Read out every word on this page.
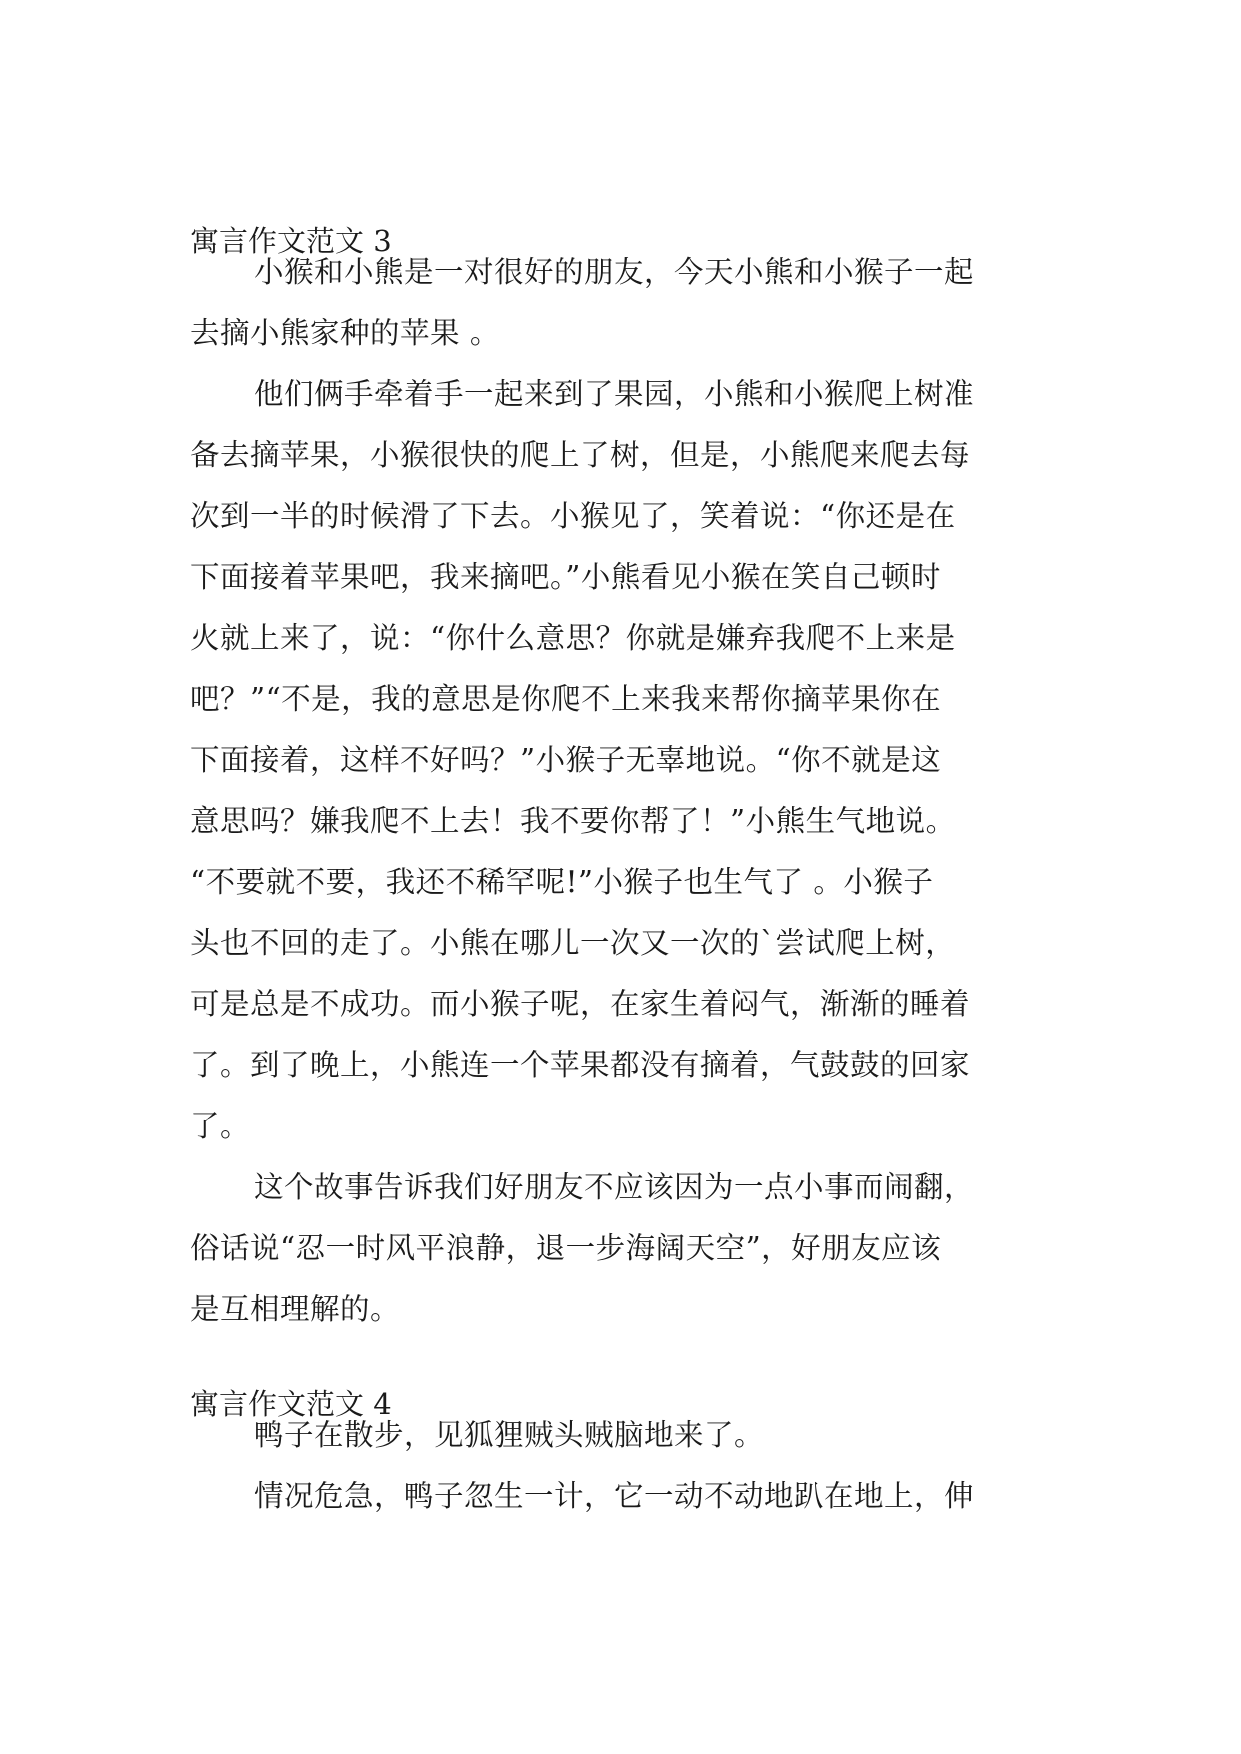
寓言作文范文 3

小猴和小熊是一对很好的朋友，今天小熊和小猴子一起
去摘小熊家种的苹果 。

他们俩手牵着手一起来到了果园，小熊和小猴爬上树准
备去摘苹果，小猴很快的爬上了树，但是，小熊爬来爬去每
次到一半的时候滑了下去。小猴见了，笑着说：“你还是在
下面接着苹果吧，我来摘吧。”小熊看见小猴在笑自己顿时
火就上来了，说：“你什么意思？你就是嫌弃我爬不上来是
吧？”“不是，我的意思是你爬不上来我来帮你摘苹果你在
下面接着，这样不好吗？”小猴子无辜地说。“你不就是这
意思吗？嫌我爬不上去！我不要你帮了！”小熊生气地说。
“不要就不要，我还不稀罕呢!”小猴子也生气了 。小猴子
头也不回的走了。小熊在哪儿一次又一次的`尝试爬上树，
可是总是不成功。而小猴子呢，在家生着闷气，渐渐的睡着
了。到了晚上，小熊连一个苹果都没有摘着，气鼓鼓的回家
了。

这个故事告诉我们好朋友不应该因为一点小事而闹翻，
俗话说“忍一时风平浪静，退一步海阔天空”，好朋友应该
是互相理解的。

寓言作文范文 4

鸭子在散步，见狐狸贼头贼脑地来了。

情况危急，鸭子忽生一计，它一动不动地趴在地上，伸
